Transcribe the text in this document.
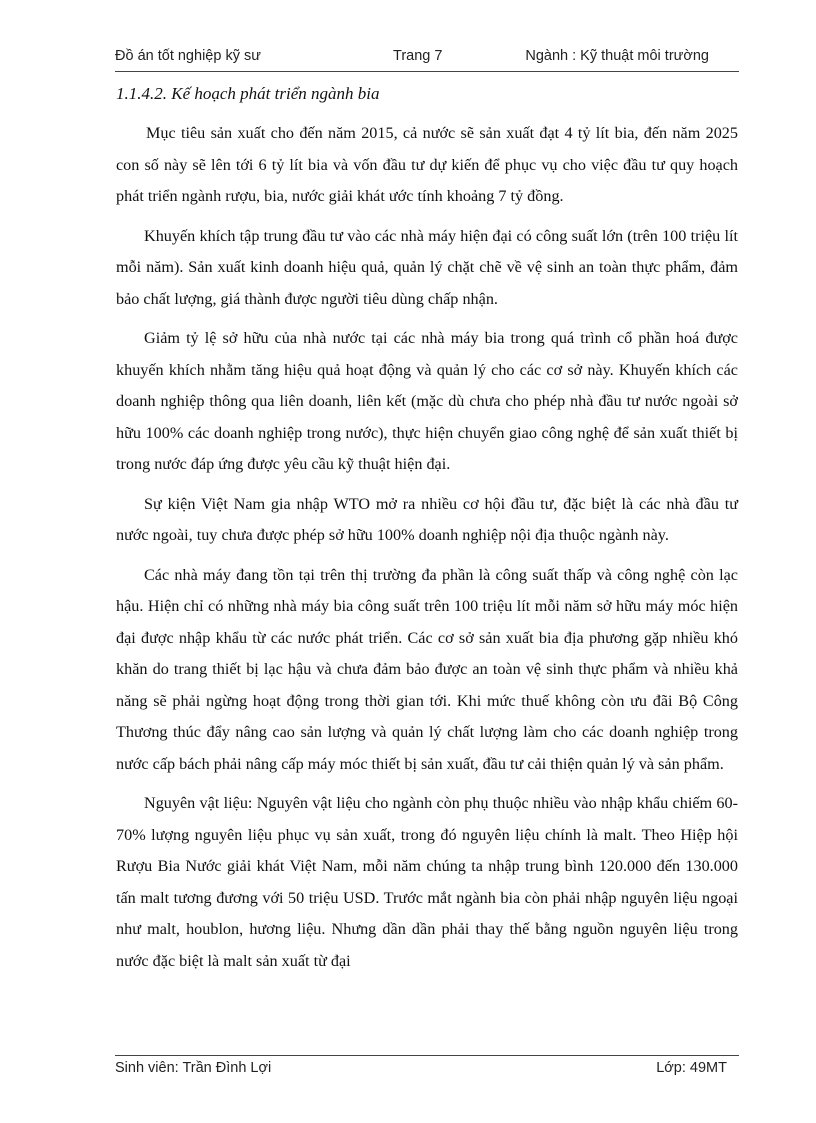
Đồ án tốt nghiệp kỹ sư	Trang 7	Ngành : Kỹ thuật môi trường
1.1.4.2. Kế hoạch phát triển ngành bia

Mục tiêu sản xuất cho đến năm 2015, cả nước sẽ sản xuất đạt 4 tỷ lít bia, đến năm 2025 con số này sẽ lên tới 6 tỷ lít bia và vốn đầu tư dự kiến để phục vụ cho việc đầu tư quy hoạch phát triển ngành rượu, bia, nước giải khát ước tính khoảng 7 tỷ đồng.

Khuyến khích tập trung đầu tư vào các nhà máy hiện đại có công suất lớn (trên 100 triệu lít mỗi năm). Sản xuất kinh doanh hiệu quả, quản lý chặt chẽ về vệ sinh an toàn thực phẩm, đảm bảo chất lượng, giá thành được người tiêu dùng chấp nhận.

Giảm tỷ lệ sở hữu của nhà nước tại các nhà máy bia trong quá trình cổ phần hoá được khuyến khích nhằm tăng hiệu quả hoạt động và quản lý cho các cơ sở này. Khuyến khích các doanh nghiệp thông qua liên doanh, liên kết (mặc dù chưa cho phép nhà đầu tư nước ngoài sở hữu 100% các doanh nghiệp trong nước), thực hiện chuyển giao công nghệ để sản xuất thiết bị trong nước đáp ứng được yêu cầu kỹ thuật hiện đại.

Sự kiện Việt Nam gia nhập WTO mở ra nhiều cơ hội đầu tư, đặc biệt là các nhà đầu tư nước ngoài, tuy chưa được phép sở hữu 100% doanh nghiệp nội địa thuộc ngành này.

Các nhà máy đang tồn tại trên thị trường đa phần là công suất thấp và công nghệ còn lạc hậu. Hiện chỉ có những nhà máy bia công suất trên 100 triệu lít mỗi năm sở hữu máy móc hiện đại được nhập khẩu từ các nước phát triển. Các cơ sở sản xuất bia địa phương gặp nhiều khó khăn do trang thiết bị lạc hậu và chưa đảm bảo được an toàn vệ sinh thực phẩm và nhiều khả năng sẽ phải ngừng hoạt động trong thời gian tới. Khi mức thuế không còn ưu đãi Bộ Công Thương thúc đẩy nâng cao sản lượng và quản lý chất lượng làm cho các doanh nghiệp trong nước cấp bách phải nâng cấp máy móc thiết bị sản xuất, đầu tư cải thiện quản lý và sản phẩm.

Nguyên vật liệu: Nguyên vật liệu cho ngành còn phụ thuộc nhiều vào nhập khẩu chiếm 60-70% lượng nguyên liệu phục vụ sản xuất, trong đó nguyên liệu chính là malt. Theo Hiệp hội Rượu Bia Nước giải khát Việt Nam, mỗi năm chúng ta nhập trung bình 120.000 đến 130.000 tấn malt tương đương với 50 triệu USD. Trước mắt ngành bia còn phải nhập nguyên liệu ngoại như malt, houblon, hương liệu. Nhưng dần dần phải thay thế bằng nguồn nguyên liệu trong nước đặc biệt là malt sản xuất từ đại

Sinh viên: Trần Đình Lợi	Lớp: 49MT
